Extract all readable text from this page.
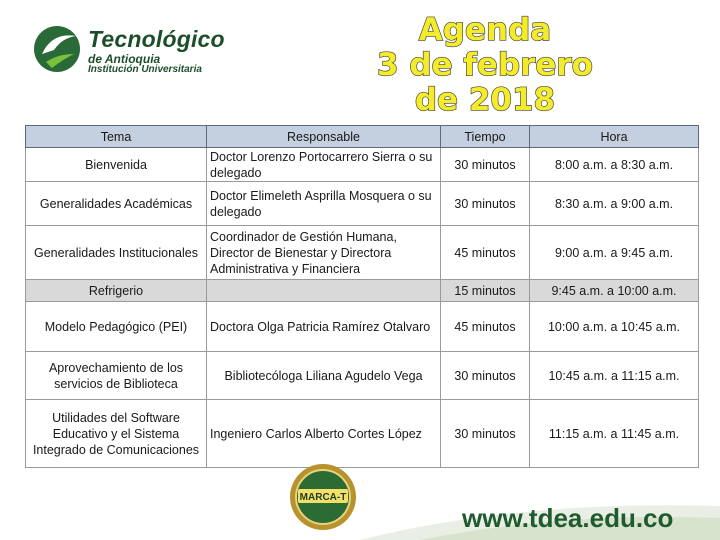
Tecnológico
de Antioquia
Institución Universitaria
Agenda
3 de febrero
de 2018
Tema	Responsable	Tiempo	Hora
Bienvenida	Doctor Lorenzo Portocarrero Sierra o su delegado	30 minutos	8:00 a.m. a 8:30 a.m.
Generalidades Académicas	Doctor Elimeleth Asprilla Mosquera o su delegado	30 minutos	8:30 a.m. a 9:00 a.m.
Generalidades Institucionales	Coordinador de Gestión Humana, Director de Bienestar y Directora Administrativa y Financiera	45 minutos	9:00 a.m. a 9:45 a.m.
Refrigerio		15 minutos	9:45 a.m. a 10:00 a.m.
Modelo Pedagógico (PEI)	Doctora Olga Patricia Ramírez Otalvaro	45 minutos	10:00 a.m. a 10:45 a.m.
Aprovechamiento de los servicios de Biblioteca	Bibliotecóloga Liliana Agudelo Vega	30 minutos	10:45 a.m. a 11:15 a.m.
Utilidades del Software Educativo y el Sistema Integrado de Comunicaciones	Ingeniero Carlos Alberto Cortes López	30 minutos	11:15 a.m. a 11:45 a.m.
MARCA-T
www.tdea.edu.co
